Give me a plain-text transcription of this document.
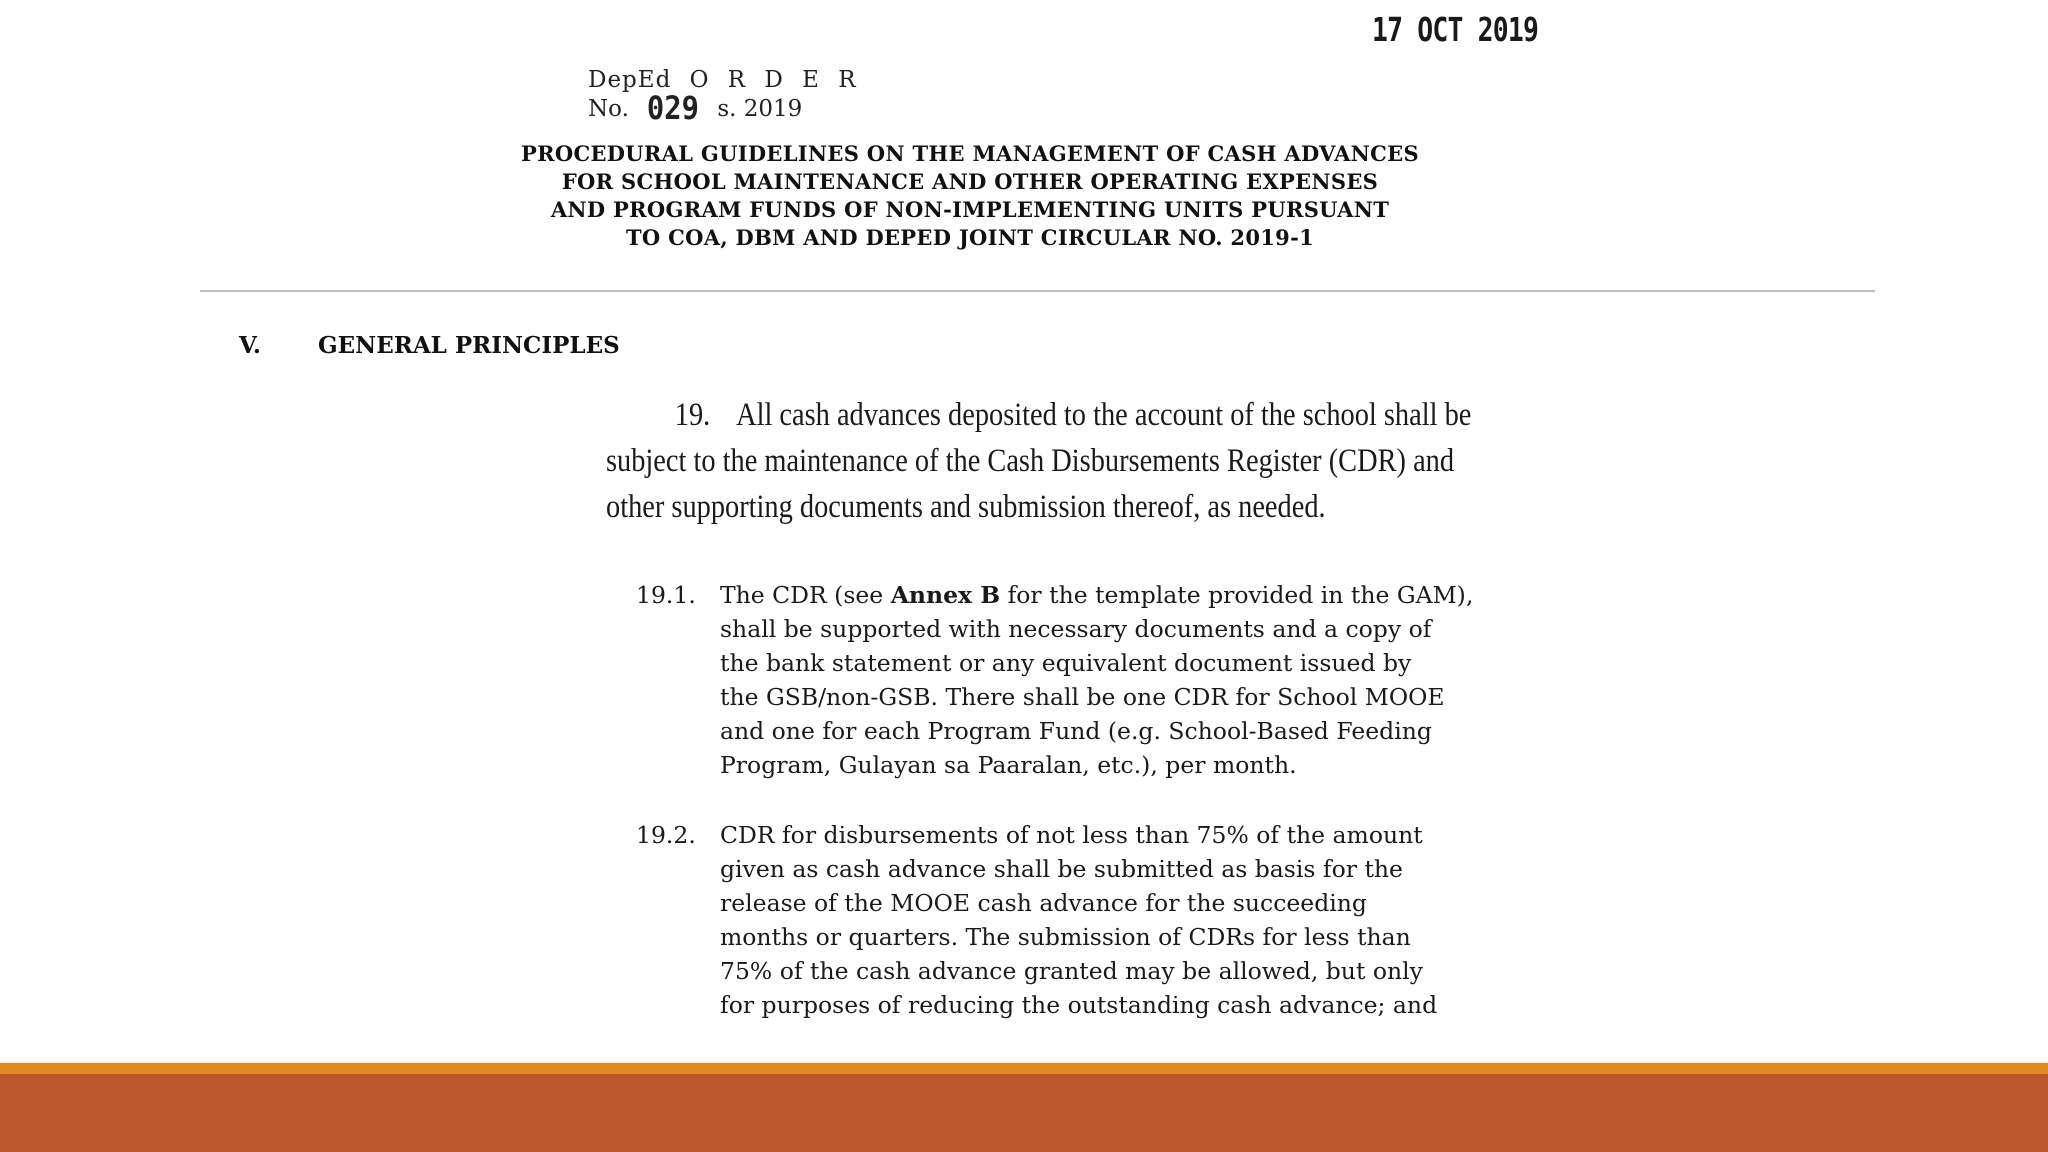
17 OCT 2019
DepEd O R D E R
No. 029 s. 2019
PROCEDURAL GUIDELINES ON THE MANAGEMENT OF CASH ADVANCES
FOR SCHOOL MAINTENANCE AND OTHER OPERATING EXPENSES
AND PROGRAM FUNDS OF NON-IMPLEMENTING UNITS PURSUANT
TO COA, DBM AND DEPED JOINT CIRCULAR NO. 2019-1
V. GENERAL PRINCIPLES

19. All cash advances deposited to the account of the school shall be

subject to the maintenance of the Cash Disbursements Register (CDR) and

other supporting documents and submission thereof, as needed.

19.1. The CDR (see Annex B for the template provided in the GAM),

shall be supported with necessary documents and a copy of

the bank statement or any equivalent document issued by

the GSB/non-GSB. There shall be one CDR for School MOOE

and one for each Program Fund (e.g. School-Based Feeding

Program, Gulayan sa Paaralan, etc.), per month.

19.2. CDR for disbursements of not less than 75% of the amount

given as cash advance shall be submitted as basis for the

release of the MOOE cash advance for the succeeding

months or quarters. The submission of CDRs for less than

75% of the cash advance granted may be allowed, but only

for purposes of reducing the outstanding cash advance; and
